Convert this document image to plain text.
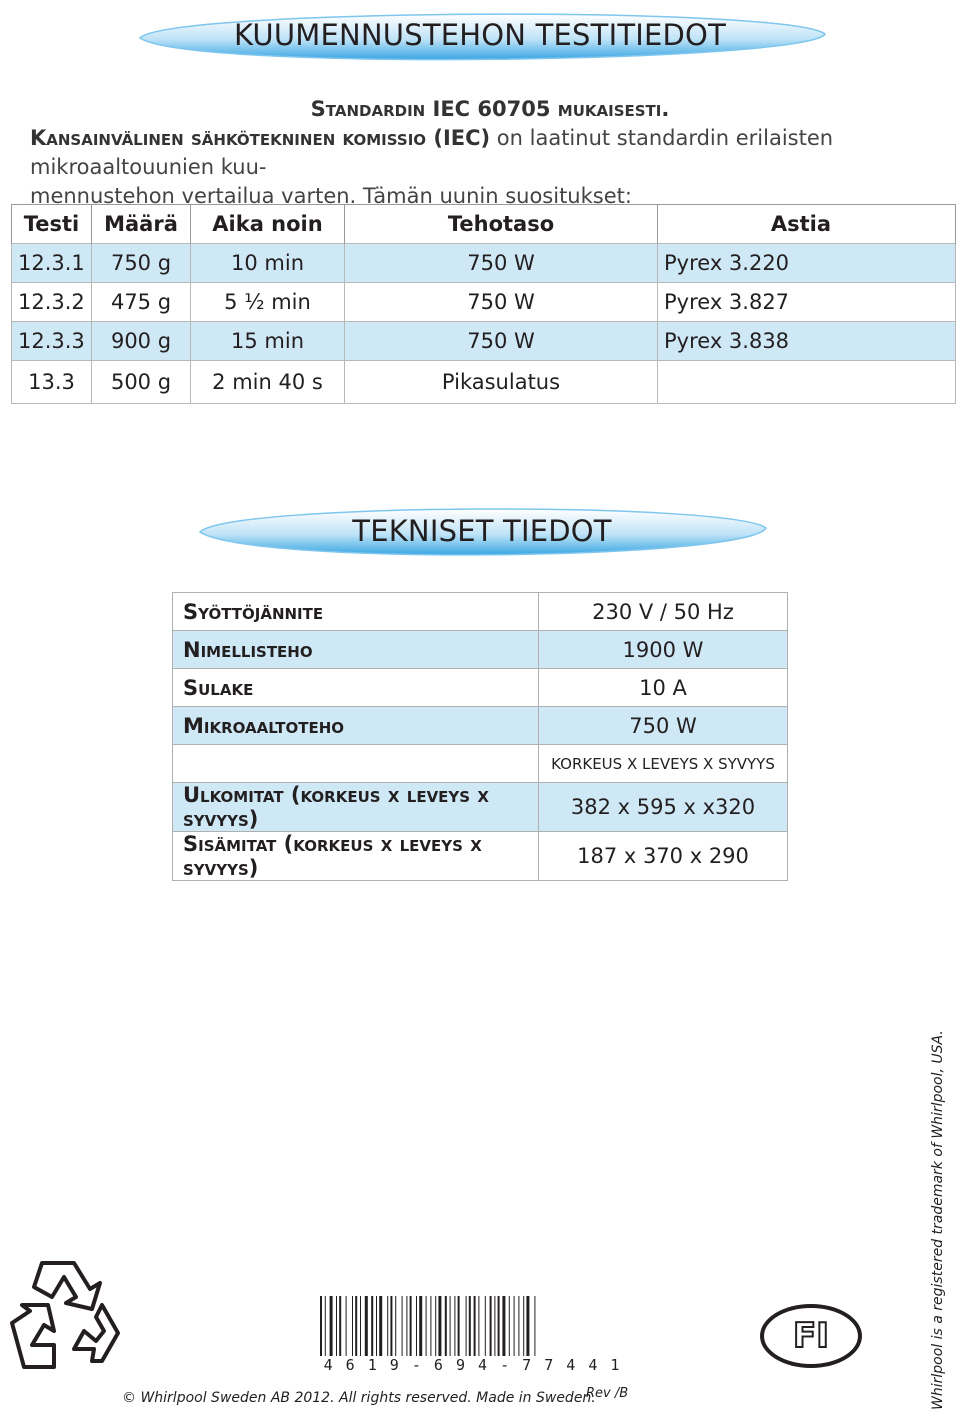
KUUMENNUSTEHON TESTITIEDOT
Standardin IEC 60705 mukaisesti.
Kansainvälinen sähkötekninen komissio (IEC) on laatinut standardin erilaisten mikroaaltouunien kuu-
mennustehon vertailua varten. Tämän uunin suositukset:
Testi	Määrä	Aika noin	Tehotaso	Astia
12.3.1	750 g	10 min	750 W	Pyrex 3.220
12.3.2	475 g	5 ½ min	750 W	Pyrex 3.827
12.3.3	900 g	15 min	750 W	Pyrex 3.838
13.3	500 g	2 min 40 s	Pikasulatus	
TEKNISET TIEDOT
Syöttöjännite	230 V / 50 Hz
Nimellisteho	1900 W
Sulake	10 A
Mikroaaltoteho	750 W
	KORKEUS X LEVEYS X SYVYYS
Ulkomitat (korkeus x leveys x syvyys)	382 x 595 x x320
Sisämitat (korkeus x leveys x syvyys)	187 x 370 x 290
4 6 1 9 - 6 9 4 - 7 7 4 4 1
© Whirlpool Sweden AB 2012. All rights reserved. Made in Sweden.
Rev /B
FI	Whirlpool is a registered trademark of Whirlpool, USA.
